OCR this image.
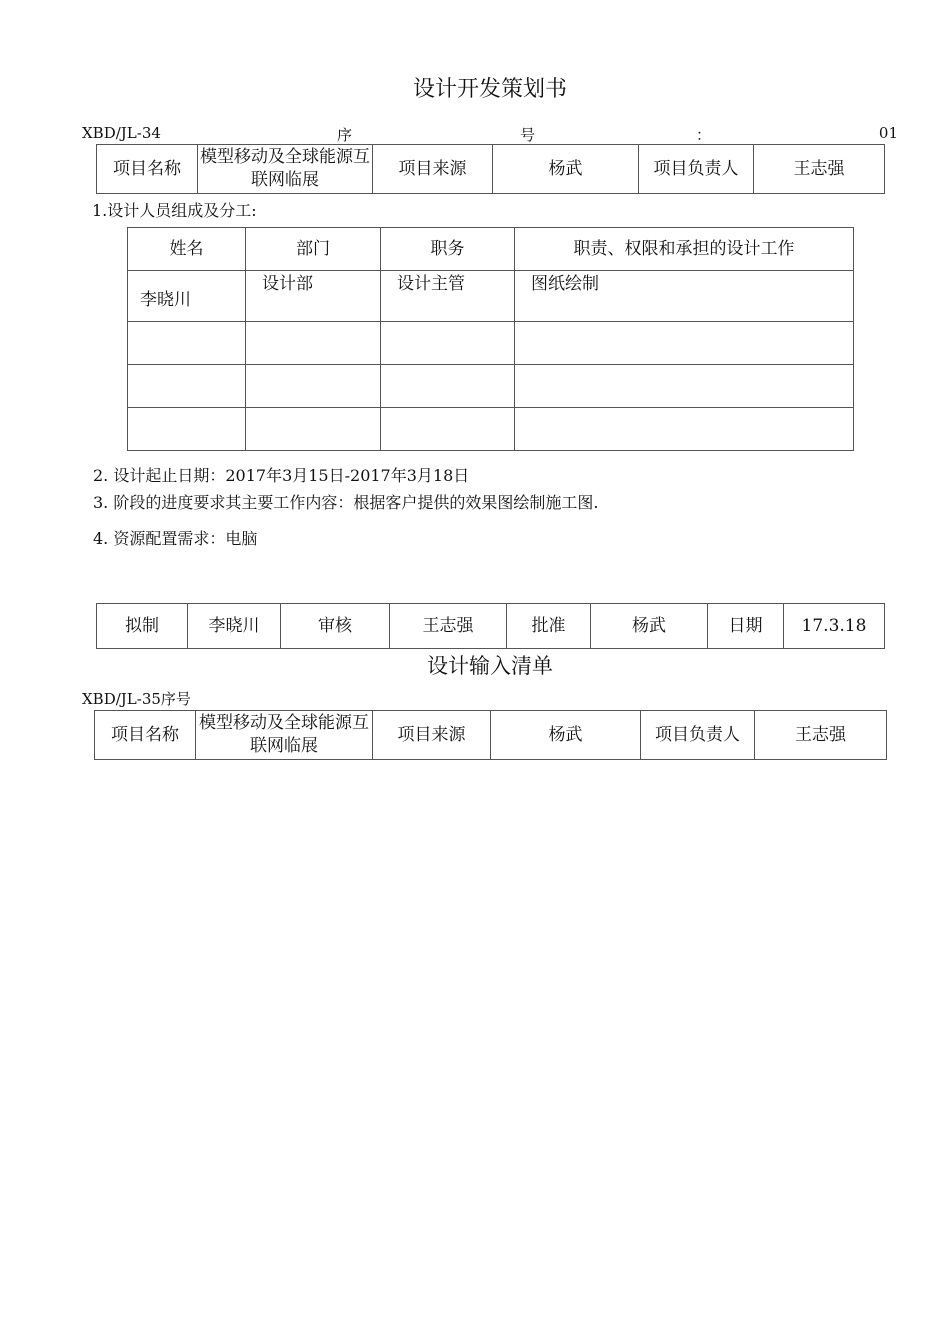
设计开发策划书
XBD/JL-34	序	号	：	01
项目名称	模型移动及全球能源互联网临展	项目来源	杨武	项目负责人	王志强
1.设计人员组成及分工:
姓名	部门	职务	职责、权限和承担的设计工作
李晓川	设计部	设计主管	图纸绘制

2. 设计起止日期：2017年3月15日-2017年3月18日
3. 阶段的进度要求其主要工作内容：根据客户提供的效果图绘制施工图.
4. 资源配置需求：电脑
拟制	李晓川	审核	王志强	批准	杨武	日期	17.3.18
设计输入清单
XBD/JL-35序号
项目名称	模型移动及全球能源互联网临展	项目来源	杨武	项目负责人	王志强
